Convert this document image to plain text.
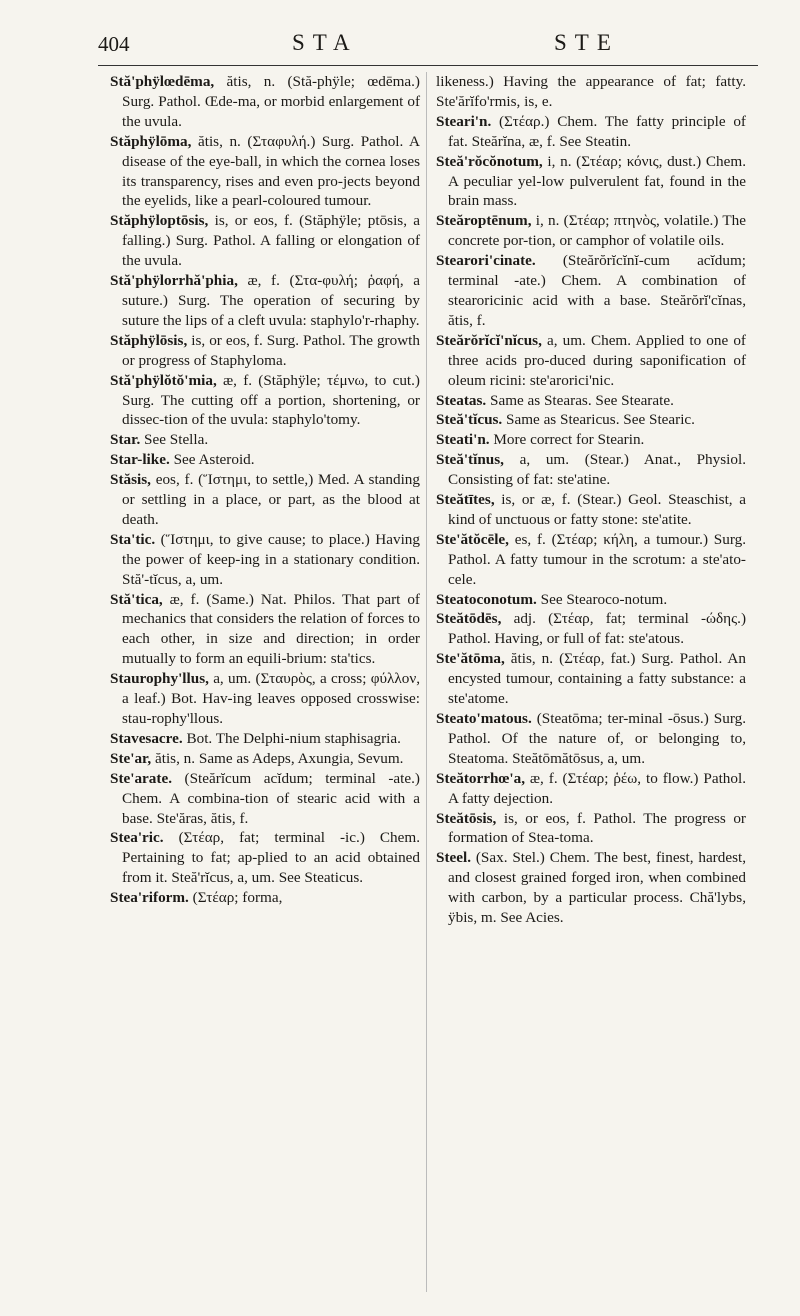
404	STA	STE

Stă'phÿlœdēma, ătis, n. (Stă-phÿle; œdēma.) Surg. Pathol. Œde-ma, or morbid enlargement of the uvula.

Stăphÿlōma, ătis, n. (Σταφυλή.) Surg. Pathol. A disease of the eye-ball, in which the cornea loses its transparency, rises and even pro-jects beyond the eyelids, like a pearl-coloured tumour.

Stăphÿloptōsis, is, or eos, f. (Stăphÿle; ptōsis, a falling.) Surg. Pathol. A falling or elongation of the uvula.

Stă'phÿlorrhă'phia, æ, f. (Στα-φυλή; ῥαφή, a suture.) Surg. The operation of securing by suture the lips of a cleft uvula: staphylo'r-rhaphy.

Stăphÿlōsis, is, or eos, f. Surg. Pathol. The growth or progress of Staphyloma.

Stă'phÿlŏtŏ'mia, æ, f. (Stăphÿle; τέμνω, to cut.) Surg. The cutting off a portion, shortening, or dissec-tion of the uvula: staphylo'tomy.

Star. See Stella.

Star-like. See Asteroid.

Stăsis, eos, f. (Ἵστημι, to settle,) Med. A standing or settling in a place, or part, as the blood at death.

Sta'tic. (Ἵστημι, to give cause; to place.) Having the power of keep-ing in a stationary condition. Stă'-tĭcus, a, um.

Stă'tica, æ, f. (Same.) Nat. Philos. That part of mechanics that considers the relation of forces to each other, in size and direction; in order mutually to form an equili-brium: sta'tics.

Staurophy'llus, a, um. (Σταυρὸς, a cross; φύλλον, a leaf.) Bot. Hav-ing leaves opposed crosswise: stau-rophy'llous.

Stavesacre. Bot. The Delphi-nium staphisagria.

Ste'ar, ătis, n. Same as Adeps, Axungia, Sevum.

Ste'arate. (Steărĭcum acĭdum; terminal -ate.) Chem. A combina-tion of stearic acid with a base. Ste'ăras, ătis, f.

Stea'ric. (Στέαρ, fat; terminal -ic.) Chem. Pertaining to fat; ap-plied to an acid obtained from it. Steă'rĭcus, a, um. See Steaticus.

Stea'riform. (Στέαρ; forma,

likeness.) Having the appearance of fat; fatty. Ste'ărĭfo'rmis, is, e.

Steari'n. (Στέαρ.) Chem. The fatty principle of fat. Steărĭna, æ, f. See Steatin.

Steă'rŏcŏnotum, i, n. (Στέαρ; κόνις, dust.) Chem. A peculiar yel-low pulverulent fat, found in the brain mass.

Steăroptēnum, i, n. (Στέαρ; πτηνὸς, volatile.) The concrete por-tion, or camphor of volatile oils.

Stearori'cinate. (Steărŏrĭcĭnĭ-cum acĭdum; terminal -ate.) Chem. A combination of stearoricinic acid with a base. Steărŏrĭ'cĭnas, ătis, f.

Steărŏrĭcĭ'nĭcus, a, um. Chem. Applied to one of three acids pro-duced during saponification of oleum ricini: ste'arorici'nic.

Steatas. Same as Stearas. See Stearate.

Steă'tĭcus. Same as Stearicus. See Stearic.

Steati'n. More correct for Stearin.

Steă'tĭnus, a, um. (Stear.) Anat., Physiol. Consisting of fat: ste'atine.

Steătītes, is, or æ, f. (Stear.) Geol. Steaschist, a kind of unctuous or fatty stone: ste'atite.

Ste'ătŏcēle, es, f. (Στέαρ; κήλη, a tumour.) Surg. Pathol. A fatty tumour in the scrotum: a ste'ato-cele.

Steatoconotum. See Stearoco-notum.

Steătōdēs, adj. (Στέαρ, fat; terminal -ώδης.) Pathol. Having, or full of fat: ste'atous.

Ste'ătōma, ătis, n. (Στέαρ, fat.) Surg. Pathol. An encysted tumour, containing a fatty substance: a ste'atome.

Steato'matous. (Steatōma; ter-minal -ōsus.) Surg. Pathol. Of the nature of, or belonging to, Steatoma. Steătōmătōsus, a, um.

Steătorrhœ'a, æ, f. (Στέαρ; ῥέω, to flow.) Pathol. A fatty dejection.

Steătōsis, is, or eos, f. Pathol. The progress or formation of Stea-toma.

Steel. (Sax. Stel.) Chem. The best, finest, hardest, and closest grained forged iron, when combined with carbon, by a particular process. Chă'lybs, ÿbis, m. See Acies.
